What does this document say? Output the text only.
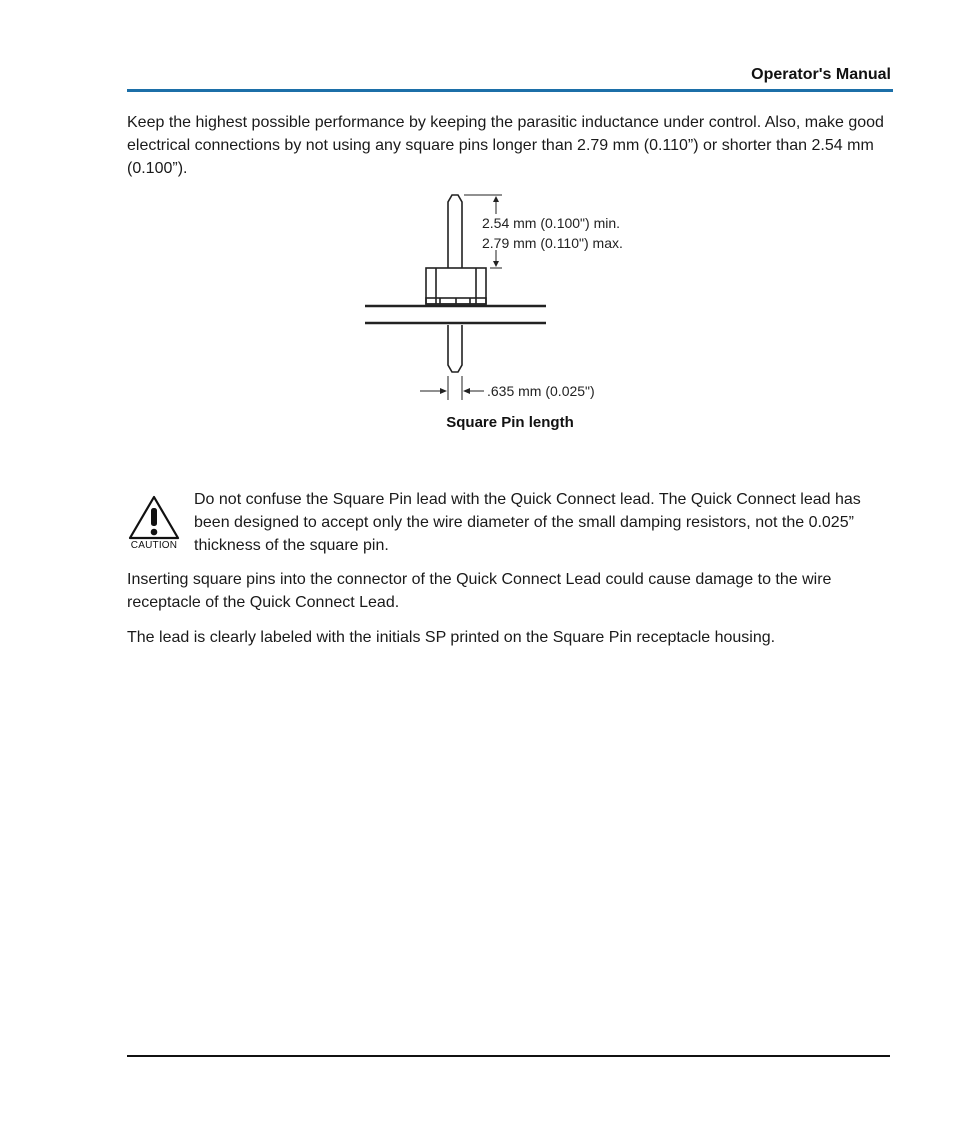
Operator's Manual

Keep the highest possible performance by keeping the parasitic inductance under control. Also, make good electrical connections by not using any square pins longer than 2.79 mm (0.110”) or shorter than 2.54 mm (0.100”).

2.54 mm (0.100") min.
2.79 mm (0.110") max.
.635 mm (0.025")
Square Pin length
CAUTION

Do not confuse the Square Pin lead with the Quick Connect lead. The Quick Connect lead has been designed to accept only the wire diameter of the small damping resistors, not the 0.025” thickness of the square pin.

Inserting square pins into the connector of the Quick Connect Lead could cause damage to the wire receptacle of the Quick Connect Lead.

The lead is clearly labeled with the initials SP printed on the Square Pin receptacle housing.
